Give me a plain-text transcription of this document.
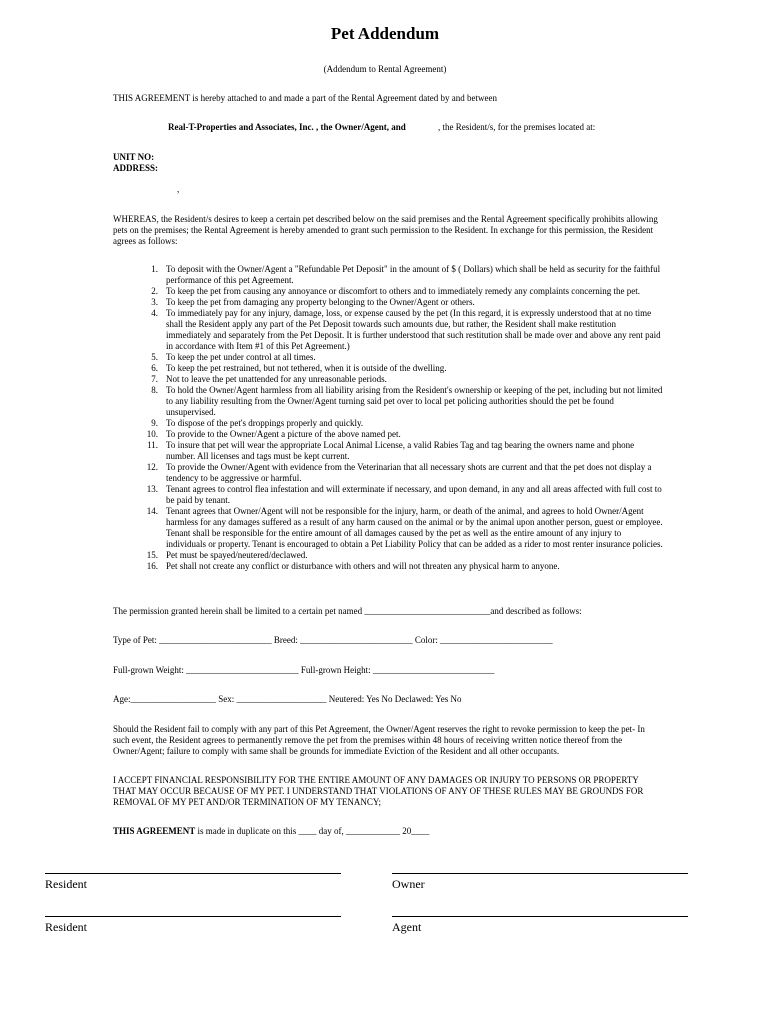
Pet Addendum
(Addendum to Rental Agreement)
THIS AGREEMENT is hereby attached to and made a part of the Rental Agreement dated by and between
Real-T-Properties and Associates, Inc. , the Owner/Agent, and	, the Resident/s, for the premises located at:
UNIT NO:
ADDRESS:
,
WHEREAS, the Resident/s desires to keep a certain pet described below on the said premises and the Rental Agreement specifically prohibits allowing pets on the premises; the Rental Agreement is hereby amended to grant such permission to the Resident. In exchange for this permission, the Resident agrees as follows:
1. To deposit with the Owner/Agent a "Refundable Pet Deposit" in the amount of $ ( Dollars) which shall be held as security for the faithful performance of this pet Agreement.
2. To keep the pet from causing any annoyance or discomfort to others and to immediately remedy any complaints concerning the pet.
3. To keep the pet from damaging any property belonging to the Owner/Agent or others.
4. To immediately pay for any injury, damage, loss, or expense caused by the pet (In this regard, it is expressly understood that at no time shall the Resident apply any part of the Pet Deposit towards such amounts due, but rather, the Resident shall make restitution immediately and separately from the Pet Deposit. It is further understood that such restitution shall be made over and above any rent paid in accordance with Item #1 of this Pet Agreement.)
5. To keep the pet under control at all times.
6. To keep the pet restrained, but not tethered, when it is outside of the dwelling.
7. Not to leave the pet unattended for any unreasonable periods.
8. To hold the Owner/Agent harmless from all liability arising from the Resident's ownership or keeping of the pet, including but not limited to any liability resulting from the Owner/Agent turning said pet over to local pet policing authorities should the pet be found unsupervised.
9. To dispose of the pet's droppings properly and quickly.
10. To provide to the Owner/Agent a picture of the above named pet.
11. To insure that pet will wear the appropriate Local Animal License, a valid Rabies Tag and tag bearing the owners name and phone number. All licenses and tags must be kept current.
12. To provide the Owner/Agent with evidence from the Veterinarian that all necessary shots are current and that the pet does not display a tendency to be aggressive or harmful.
13. Tenant agrees to control flea infestation and will exterminate if necessary, and upon demand, in any and all areas affected with full cost to be paid by tenant.
14. Tenant agrees that Owner/Agent will not be responsible for the injury, harm, or death of the animal, and agrees to hold Owner/Agent harmless for any damages suffered as a result of any harm caused on the animal or by the animal upon another person, guest or employee. Tenant shall be responsible for the entire amount of all damages caused by the pet as well as the entire amount of any injury to individuals or property. Tenant is encouraged to obtain a Pet Liability Policy that can be added as a rider to most renter insurance policies.
15. Pet must be spayed/neutered/declawed.
16. Pet shall not create any conflict or disturbance with others and will not threaten any physical harm to anyone.
The permission granted herein shall be limited to a certain pet named ____________________________and described as follows:
Type of Pet: _________________________ Breed: _________________________ Color: _________________________
Full-grown Weight: _________________________ Full-grown Height: ___________________________
Age:___________________ Sex: ____________________ Neutered: Yes No Declawed: Yes No
Should the Resident fail to comply with any part of this Pet Agreement, the Owner/Agent reserves the right to revoke permission to keep the pet- In such event, the Resident agrees to permanently remove the pet from the premises within 48 hours of receiving written notice thereof from the Owner/Agent; failure to comply with same shall be grounds for immediate Eviction of the Resident and all other occupants.
I ACCEPT FINANCIAL RESPONSIBILITY FOR THE ENTIRE AMOUNT OF ANY DAMAGES OR INJURY TO PERSONS OR PROPERTY THAT MAY OCCUR BECAUSE OF MY PET. I UNDERSTAND THAT VIOLATIONS OF ANY OF THESE RULES MAY BE GROUNDS FOR REMOVAL OF MY PET AND/OR TERMINATION OF MY TENANCY;
THIS AGREEMENT is made in duplicate on this ____ day of, ____________ 20____
Resident	Owner
Resident	Agent
